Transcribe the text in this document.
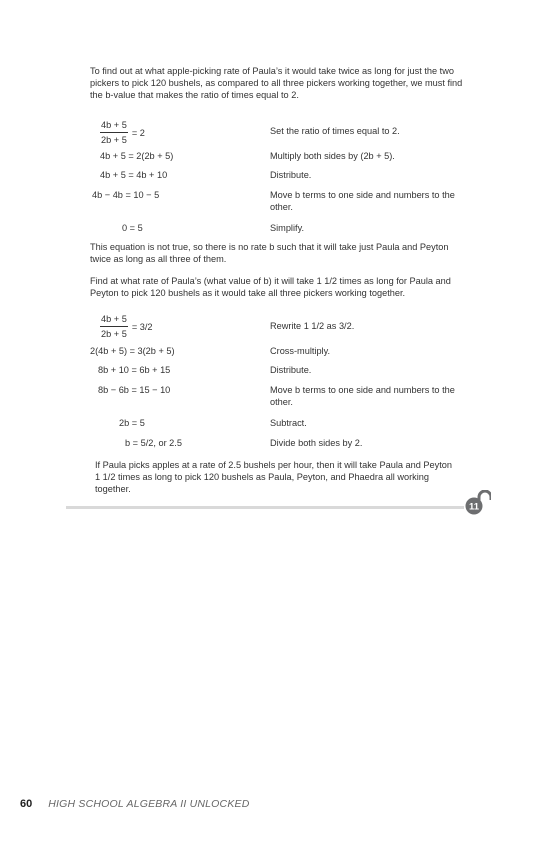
To find out at what apple-picking rate of Paula’s it would take twice as long for just the two pickers to pick 120 bushels, as compared to all three pickers working together, we must find the b-value that makes the ratio of times equal to 2.

$\frac{4b + 5}{2b + 5} = 2$	Set the ratio of times equal to 2.
4b + 5 = 2(2b + 5)	Multiply both sides by (2b + 5).
4b + 5 = 4b + 10	Distribute.
4b − 4b = 10 − 5	Move b terms to one side and numbers to the other.
0 = 5	Simplify.

This equation is not true, so there is no rate b such that it will take just Paula and Peyton twice as long as all three of them.

Find at what rate of Paula’s (what value of b) it will take 1 1/2 times as long for Paula and Peyton to pick 120 bushels as it would take all three pickers working together.

$\frac{4b + 5}{2b + 5} = 3/2$	Rewrite 1 1/2 as 3/2.
2(4b + 5) = 3(2b + 5)	Cross-multiply.
8b + 10 = 6b + 15	Distribute.
8b − 6b = 15 − 10	Move b terms to one side and numbers to the other.
2b = 5	Subtract.
b = 5/2, or 2.5	Divide both sides by 2.

If Paula picks apples at a rate of 2.5 bushels per hour, then it will take Paula and Peyton 1 1/2 times as long to pick 120 bushels as Paula, Peyton, and Phaedra all working together.

11
60 HIGH SCHOOL ALGEBRA II UNLOCKED
